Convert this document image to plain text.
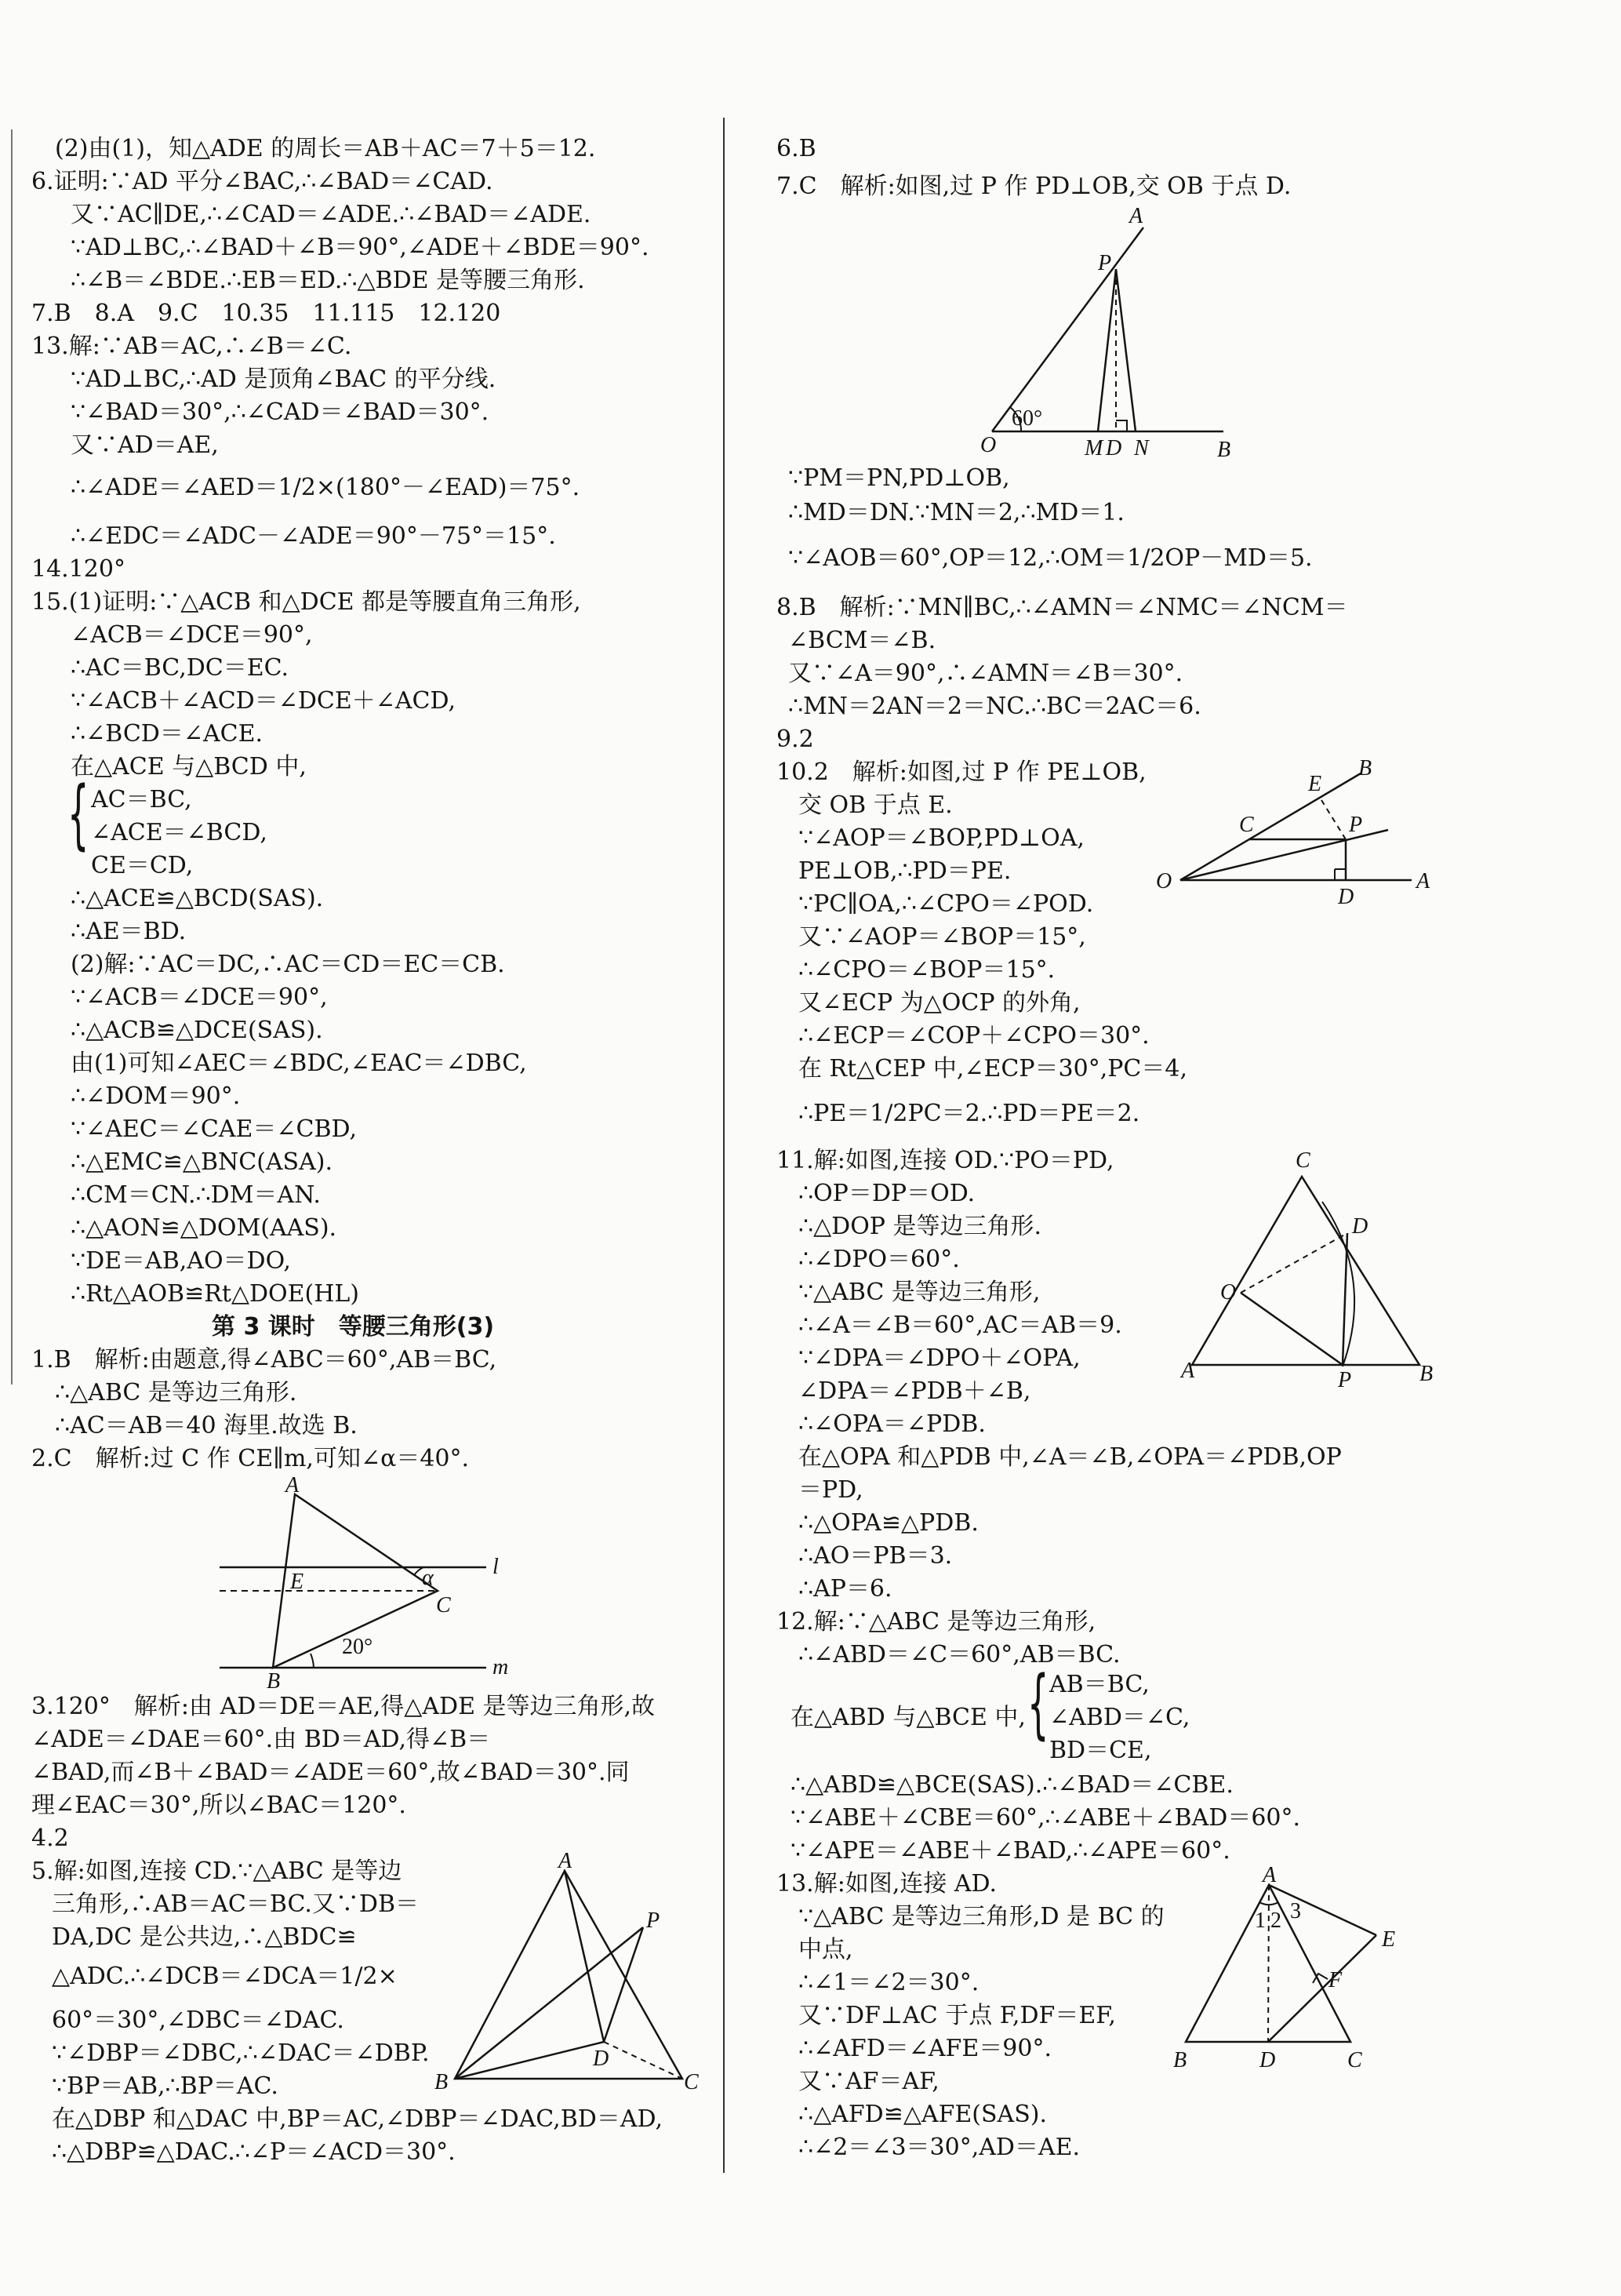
(2)由(1)，知△ADE 的周长＝AB＋AC＝7＋5＝12.
6.证明:∵AD 平分∠BAC,∴∠BAD＝∠CAD.
又∵AC∥DE,∴∠CAD＝∠ADE.∴∠BAD＝∠ADE.
∵AD⊥BC,∴∠BAD＋∠B＝90°,∠ADE＋∠BDE＝90°.
∴∠B＝∠BDE.∴EB＝ED.∴△BDE 是等腰三角形.
7.B　8.A　9.C　10.35　11.115　12.120
13.解:∵AB＝AC,∴∠B＝∠C.
∵AD⊥BC,∴AD 是顶角∠BAC 的平分线.
∵∠BAD＝30°,∴∠CAD＝∠BAD＝30°.
又∵AD＝AE,
∴∠ADE＝∠AED＝1/2×(180°－∠EAD)＝75°.
∴∠EDC＝∠ADC－∠ADE＝90°－75°＝15°.
14.120°
15.(1)证明:∵△ACB 和△DCE 都是等腰直角三角形,
∠ACB＝∠DCE＝90°,
∴AC＝BC,DC＝EC.
∵∠ACB＋∠ACD＝∠DCE＋∠ACD,
∴∠BCD＝∠ACE.
在△ACE 与△BCD 中,
{ AC＝BC,
∠ACE＝∠BCD,
CE＝CD,
∴△ACE≌△BCD(SAS).
∴AE＝BD.
(2)解:∵AC＝DC,∴AC＝CD＝EC＝CB.
∵∠ACB＝∠DCE＝90°,
∴△ACB≌△DCE(SAS).
由(1)可知∠AEC＝∠BDC,∠EAC＝∠DBC,
∴∠DOM＝90°.
∵∠AEC＝∠CAE＝∠CBD,
∴△EMC≌△BNC(ASA).
∴CM＝CN.∴DM＝AN.
∴△AON≌△DOM(AAS).
∵DE＝AB,AO＝DO,
∴Rt△AOB≌Rt△DOE(HL)
第 3 课时　等腰三角形(3)
1.B　解析:由题意,得∠ABC＝60°,AB＝BC,
∴△ABC 是等边三角形.
∴AC＝AB＝40 海里.故选 B.
2.C　解析:过 C 作 CE∥m,可知∠α＝40°.
A
l
E	α
C
20°
B
m
3.120°　解析:由 AD＝DE＝AE,得△ADE 是等边三角形,故
∠ADE＝∠DAE＝60°.由 BD＝AD,得∠B＝
∠BAD,而∠B＋∠BAD＝∠ADE＝60°,故∠BAD＝30°.同
理∠EAC＝30°,所以∠BAC＝120°.
4.2
5.解:如图,连接 CD.∵△ABC 是等边
三角形,∴AB＝AC＝BC.又∵DB＝
DA,DC 是公共边,∴△BDC≌
△ADC.∴∠DCB＝∠DCA＝1/2×
60°＝30°,∠DBC＝∠DAC.
∵∠DBP＝∠DBC,∴∠DAC＝∠DBP.
∵BP＝AB,∴BP＝AC.
在△DBP 和△DAC 中,BP＝AC,∠DBP＝∠DAC,BD＝AD,
∴△DBP≌△DAC.∴∠P＝∠ACD＝30°.
A
P
D
B	C
6.B
7.C　解析:如图,过 P 作 PD⊥OB,交 OB 于点 D.
A
P
60°
O	M D N	B
∵PM＝PN,PD⊥OB,
∴MD＝DN.∵MN＝2,∴MD＝1.
∵∠AOB＝60°,OP＝12,∴OM＝1/2OP－MD＝5.
8.B　解析:∵MN∥BC,∴∠AMN＝∠NMC＝∠NCM＝
∠BCM＝∠B.
又∵∠A＝90°,∴∠AMN＝∠B＝30°.
∴MN＝2AN＝2＝NC.∴BC＝2AC＝6.
9.2
10.2　解析:如图,过 P 作 PE⊥OB,
交 OB 于点 E.
∵∠AOP＝∠BOP,PD⊥OA,
PE⊥OB,∴PD＝PE.
∵PC∥OA,∴∠CPO＝∠POD.
又∵∠AOP＝∠BOP＝15°,
∴∠CPO＝∠BOP＝15°.
又∠ECP 为△OCP 的外角,
∴∠ECP＝∠COP＋∠CPO＝30°.
在 Rt△CEP 中,∠ECP＝30°,PC＝4,
∴PE＝1/2PC＝2.∴PD＝PE＝2.
E
B
C	P
O
D
A
11.解:如图,连接 OD.∵PO＝PD,
∴OP＝DP＝OD.
∴△DOP 是等边三角形.
∴∠DPO＝60°.
∵△ABC 是等边三角形,
∴∠A＝∠B＝60°,AC＝AB＝9.
∵∠DPA＝∠DPO＋∠OPA,
∠DPA＝∠PDB＋∠B,
∴∠OPA＝∠PDB.
在△OPA 和△PDB 中,∠A＝∠B,∠OPA＝∠PDB,OP
＝PD,
∴△OPA≌△PDB.
∴AO＝PB＝3.
∴AP＝6.
C
D
O
A	P	B
12.解:∵△ABC 是等边三角形,
∴∠ABD＝∠C＝60°,AB＝BC.
AB＝BC,
在△ABD 与△BCE 中, { ∠ABD＝∠C,
BD＝CE,
∴△ABD≌△BCE(SAS).∴∠BAD＝∠CBE.
∵∠ABE＋∠CBE＝60°,∴∠ABE＋∠BAD＝60°.
∵∠APE＝∠ABE＋∠BAD,∴∠APE＝60°.
13.解:如图,连接 AD.
∵△ABC 是等边三角形,D 是 BC 的
中点,
∴∠1＝∠2＝30°.
又∵DF⊥AC 于点 F,DF＝EF,
∴∠AFD＝∠AFE＝90°.
又∵AF＝AF,
∴△AFD≌△AFE(SAS).
∴∠2＝∠3＝30°,AD＝AE.
A
1 2 3
E
F
B	D	C
